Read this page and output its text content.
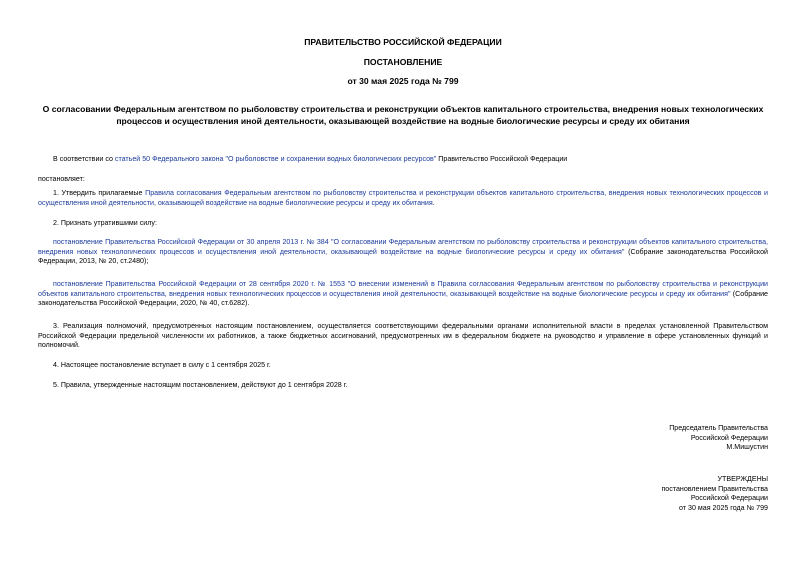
ПРАВИТЕЛЬСТВО РОССИЙСКОЙ ФЕДЕРАЦИИ
ПОСТАНОВЛЕНИЕ
от 30 мая 2025 года № 799
О согласовании Федеральным агентством по рыболовству строительства и реконструкции объектов капитального строительства, внедрения новых технологических процессов и осуществления иной деятельности, оказывающей воздействие на водные биологические ресурсы и среду их обитания
В соответствии со статьей 50 Федерального закона "О рыболовстве и сохранении водных биологических ресурсов" Правительство Российской Федерации
постановляет:
1. Утвердить прилагаемые Правила согласования Федеральным агентством по рыболовству строительства и реконструкции объектов капитального строительства, внедрения новых технологических процессов и осуществления иной деятельности, оказывающей воздействие на водные биологические ресурсы и среду их обитания.
2. Признать утратившими силу:
постановление Правительства Российской Федерации от 30 апреля 2013 г. № 384 "О согласовании Федеральным агентством по рыболовству строительства и реконструкции объектов капитального строительства, внедрения новых технологических процессов и осуществления иной деятельности, оказывающей воздействие на водные биологические ресурсы и среду их обитания" (Собрание законодательства Российской Федерации, 2013, № 20, ст.2480);
постановление Правительства Российской Федерации от 28 сентября 2020 г. № 1553 "О внесении изменений в Правила согласования Федеральным агентством по рыболовству строительства и реконструкции объектов капитального строительства, внедрения новых технологических процессов и осуществления иной деятельности, оказывающей воздействие на водные биологические ресурсы и среду их обитания" (Собрание законодательства Российской Федерации, 2020, № 40, ст.6282).
3. Реализация полномочий, предусмотренных настоящим постановлением, осуществляется соответствующими федеральными органами исполнительной власти в пределах установленной Правительством Российской Федерации предельной численности их работников, а также бюджетных ассигнований, предусмотренных им в федеральном бюджете на руководство и управление в сфере установленных функций и полномочий.
4. Настоящее постановление вступает в силу с 1 сентября 2025 г.
5. Правила, утвержденные настоящим постановлением, действуют до 1 сентября 2028 г.
Председатель Правительства
Российской Федерации
М.Мишустин
УТВЕРЖДЕНЫ
постановлением Правительства
Российской Федерации
от 30 мая 2025 года № 799
